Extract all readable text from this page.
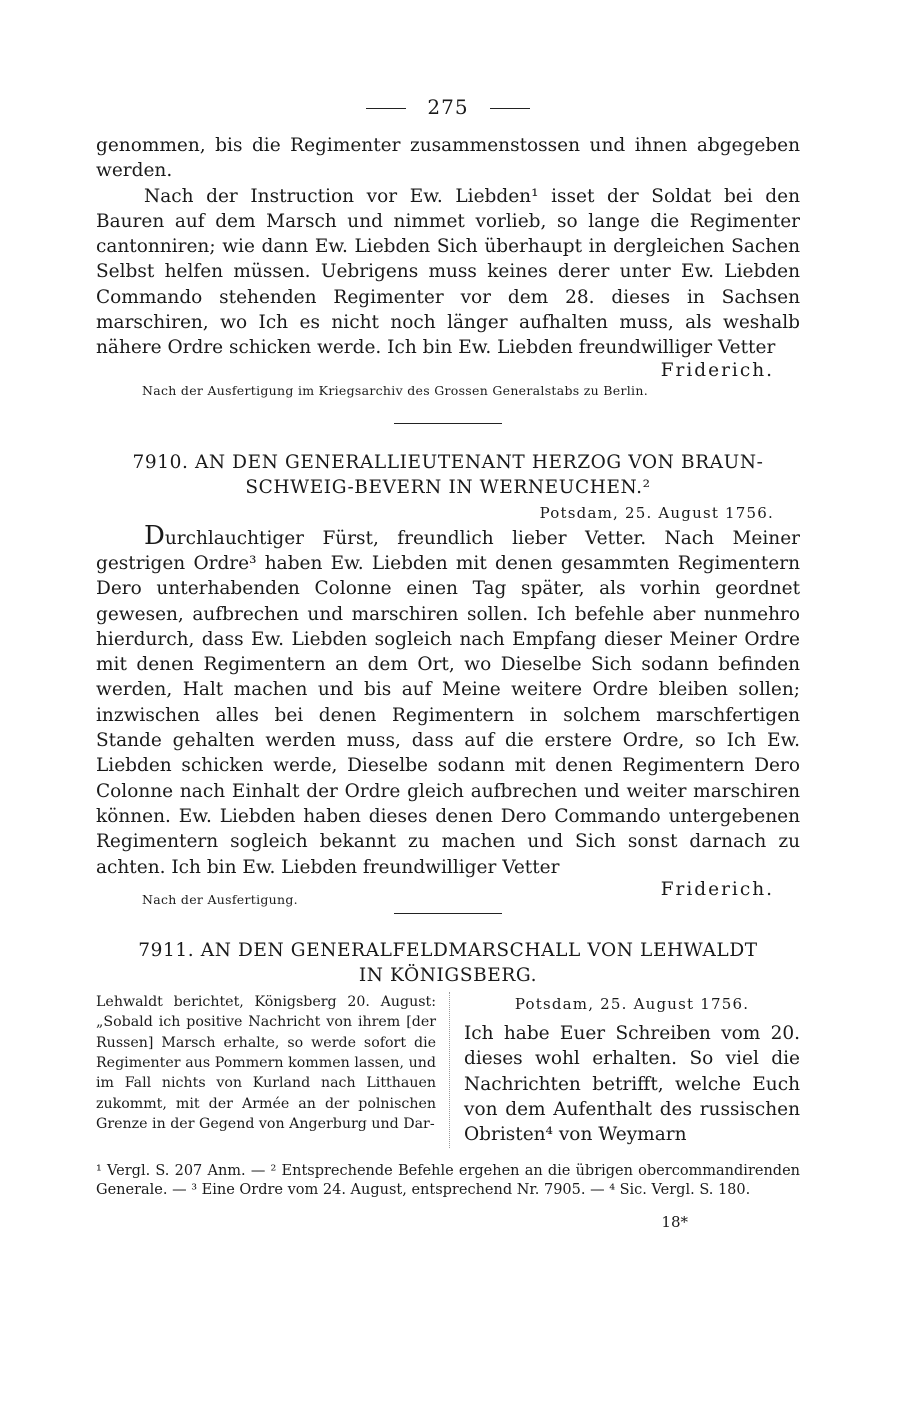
275

genommen, bis die Regimenter zusammenstossen und ihnen abgegeben werden.

Nach der Instruction vor Ew. Liebden¹ isset der Soldat bei den Bauren auf dem Marsch und nimmet vorlieb, so lange die Regimenter cantonniren; wie dann Ew. Liebden Sich überhaupt in dergleichen Sachen Selbst helfen müssen. Uebrigens muss keines derer unter Ew. Liebden Commando stehenden Regimenter vor dem 28. dieses in Sachsen marschiren, wo Ich es nicht noch länger aufhalten muss, als weshalb nähere Ordre schicken werde. Ich bin Ew. Liebden freundwilliger Vetter

Friderich.

Nach der Ausfertigung im Kriegsarchiv des Grossen Generalstabs zu Berlin.

7910. AN DEN GENERALLIEUTENANT HERZOG VON BRAUN-

SCHWEIG-BEVERN IN WERNEUCHEN.²

Potsdam, 25. August 1756.

Durchlauchtiger Fürst, freundlich lieber Vetter. Nach Meiner gestrigen Ordre³ haben Ew. Liebden mit denen gesammten Regimentern Dero unterhabenden Colonne einen Tag später, als vorhin geordnet gewesen, aufbrechen und marschiren sollen. Ich befehle aber nunmehro hierdurch, dass Ew. Liebden sogleich nach Empfang dieser Meiner Ordre mit denen Regimentern an dem Ort, wo Dieselbe Sich sodann befinden werden, Halt machen und bis auf Meine weitere Ordre bleiben sollen; inzwischen alles bei denen Regimentern in solchem marschfertigen Stande gehalten werden muss, dass auf die erstere Ordre, so Ich Ew. Liebden schicken werde, Dieselbe sodann mit denen Regimentern Dero Colonne nach Einhalt der Ordre gleich aufbrechen und weiter marschiren können. Ew. Liebden haben dieses denen Dero Commando untergebenen Regimentern sogleich bekannt zu machen und Sich sonst darnach zu achten. Ich bin Ew. Liebden freundwilliger Vetter

Friderich.

Nach der Ausfertigung.

7911. AN DEN GENERALFELDMARSCHALL VON LEHWALDT

IN KÖNIGSBERG.

Lehwaldt berichtet, Königsberg 20. August: „Sobald ich positive Nachricht von ihrem [der Russen] Marsch erhalte, so werde sofort die Regimenter aus Pommern kommen lassen, und im Fall nichts von Kurland nach Litthauen zukommt, mit der Armée an der polnischen Grenze in der Gegend von Angerburg und Dar-

Potsdam, 25. August 1756.

Ich habe Euer Schreiben vom 20. dieses wohl erhalten. So viel die Nachrichten betrifft, welche Euch von dem Aufenthalt des russischen Obristen⁴ von Weymarn

¹ Vergl. S. 207 Anm. — ² Entsprechende Befehle ergehen an die übrigen obercommandirenden Generale. — ³ Eine Ordre vom 24. August, entsprechend Nr. 7905. — ⁴ Sic. Vergl. S. 180.

18*
